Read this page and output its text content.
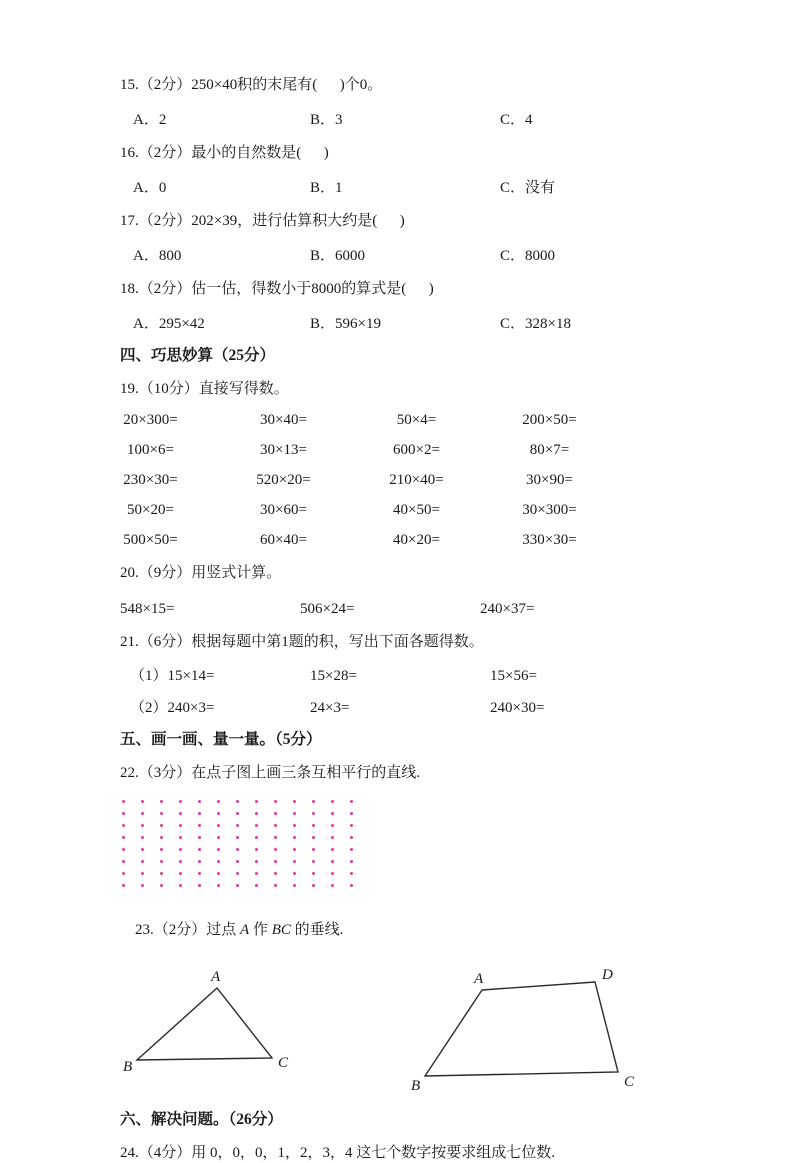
15.（2分）250×40积的末尾有(      )个0。
A．2	B．3	C．4
16.（2分）最小的自然数是(      )
A．0	B．1	C．没有
17.（2分）202×39，进行估算积大约是(      )
A．800	B．6000	C．8000
18.（2分）估一估，得数小于8000的算式是(      )
A．295×42	B．596×19	C．328×18
四、巧思妙算（25分）
19.（10分）直接写得数。
20×300=	30×40=	50×4=	200×50=
100×6=	30×13=	600×2=	80×7=
230×30=	520×20=	210×40=	30×90=
50×20=	30×60=	40×50=	30×300=
500×50=	60×40=	40×20=	330×30=
20.（9分）用竖式计算。
548×15=	506×24=	240×37=
21.（6分）根据每题中第1题的积，写出下面各题得数。
（1）15×14=	15×28=	15×56=
（2）240×3=	24×3=	240×30=
五、画一画、量一量。（5分）
22.（3分）在点子图上画三条互相平行的直线.

23.（2分）过点 A 作 BC 的垂线.

A
B	C
A	D
B	C
六、解决问题。（26分）
24.（4分）用 0，0，0，1，2，3，4 这七个数字按要求组成七位数.
